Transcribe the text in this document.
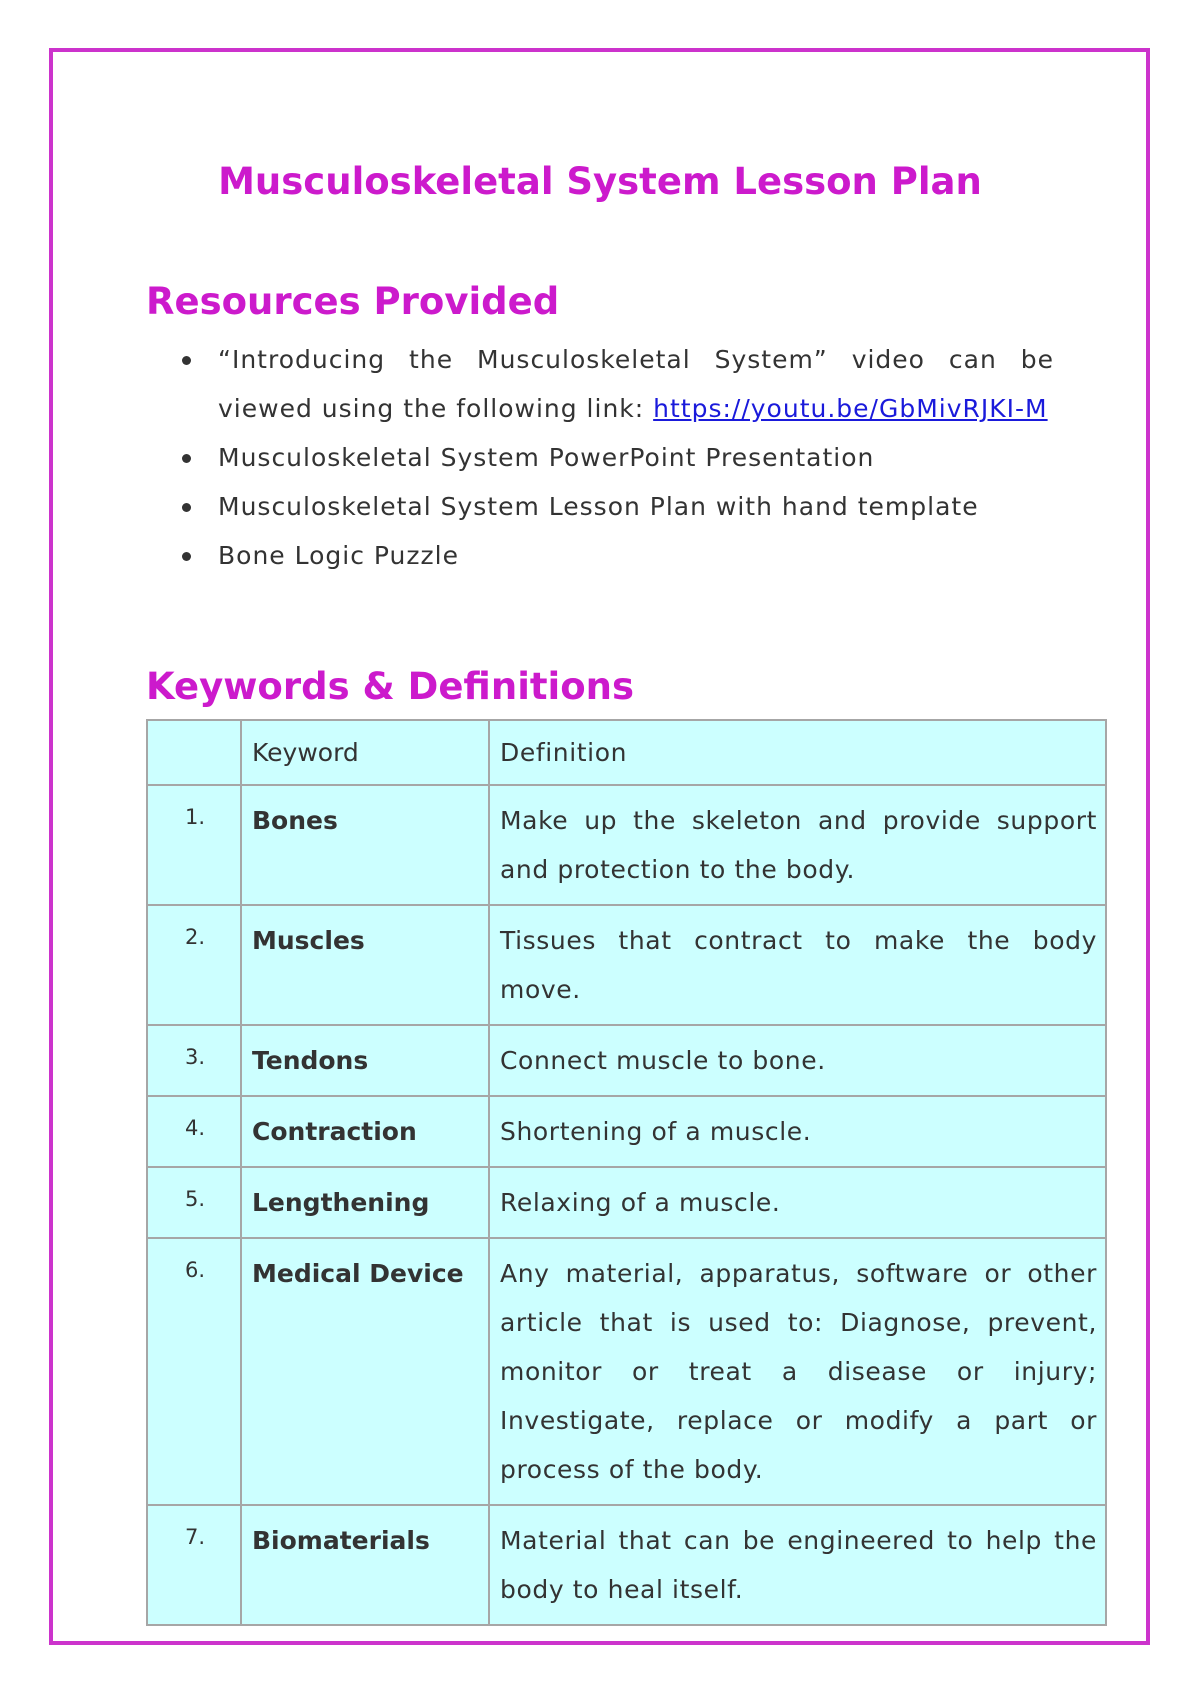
Musculoskeletal System Lesson Plan
Resources Provided
“Introducing the Musculoskeletal System” video can be viewed using the following link: https://youtu.be/GbMivRJKI-M
Musculoskeletal System PowerPoint Presentation
Musculoskeletal System Lesson Plan with hand template
Bone Logic Puzzle
Keywords & Definitions
	Keyword	Definition
1.	Bones	Make up the skeleton and provide support and protection to the body.
2.	Muscles	Tissues that contract to make the body move.
3.	Tendons	Connect muscle to bone.
4.	Contraction	Shortening of a muscle.
5.	Lengthening	Relaxing of a muscle.
6.	Medical Device	Any material, apparatus, software or other article that is used to: Diagnose, prevent, monitor or treat a disease or injury; Investigate, replace or modify a part or process of the body.
7.	Biomaterials	Material that can be engineered to help the body to heal itself.
